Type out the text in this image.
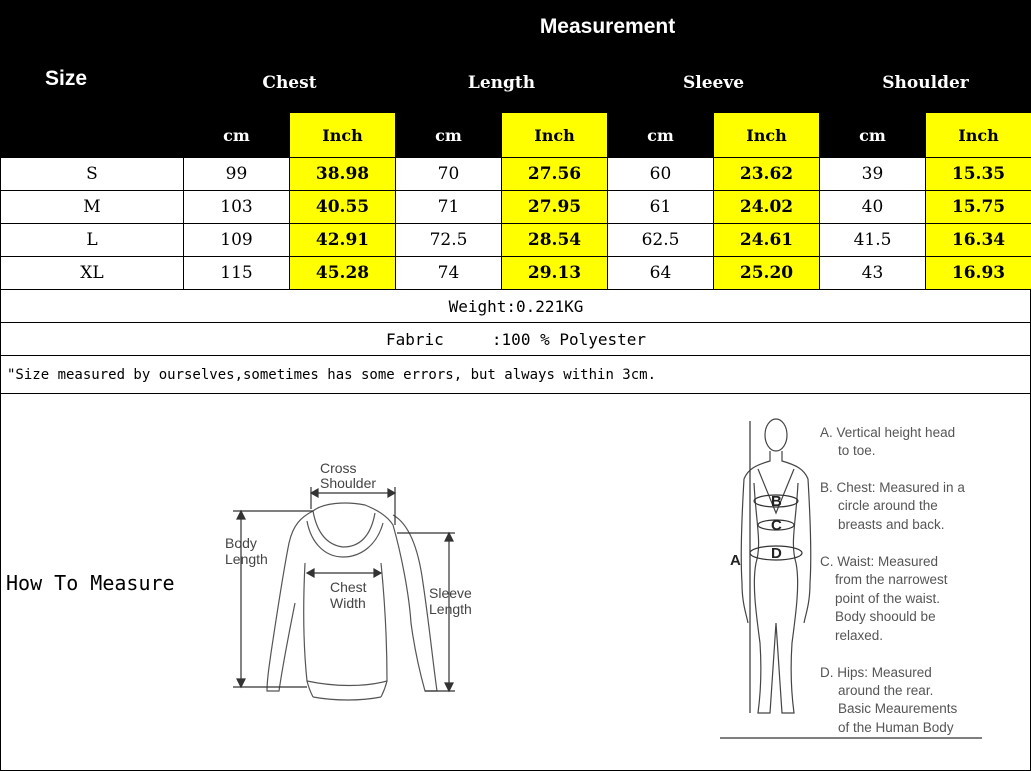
Size	Measurement							
	Chest		Length		Sleeve		Shoulder	
	cm	Inch	cm	Inch	cm	Inch	cm	Inch
S	99	38.98	70	27.56	60	23.62	39	15.35
M	103	40.55	71	27.95	61	24.02	40	15.75
L	109	42.91	72.5	28.54	62.5	24.61	41.5	16.34
XL	115	45.28	74	29.13	64	25.20	43	16.93
Weight:0.221KG								
Fabric     :100 % Polyester								
"Size measured by ourselves,sometimes has some errors, but always within 3cm.								
How To Measure
Cross
Shoulder
Body
Length
Chest
Width
Sleeve
Length
A
B
C
D
A. Vertical height head
to toe.
B. Chest: Measured in a
circle around the
breasts and back.
C. Waist: Measured
from the narrowest
point of the waist.
Body shoould be
relaxed.
D. Hips: Measured
around the rear.
Basic Meaurements
of the Human Body
